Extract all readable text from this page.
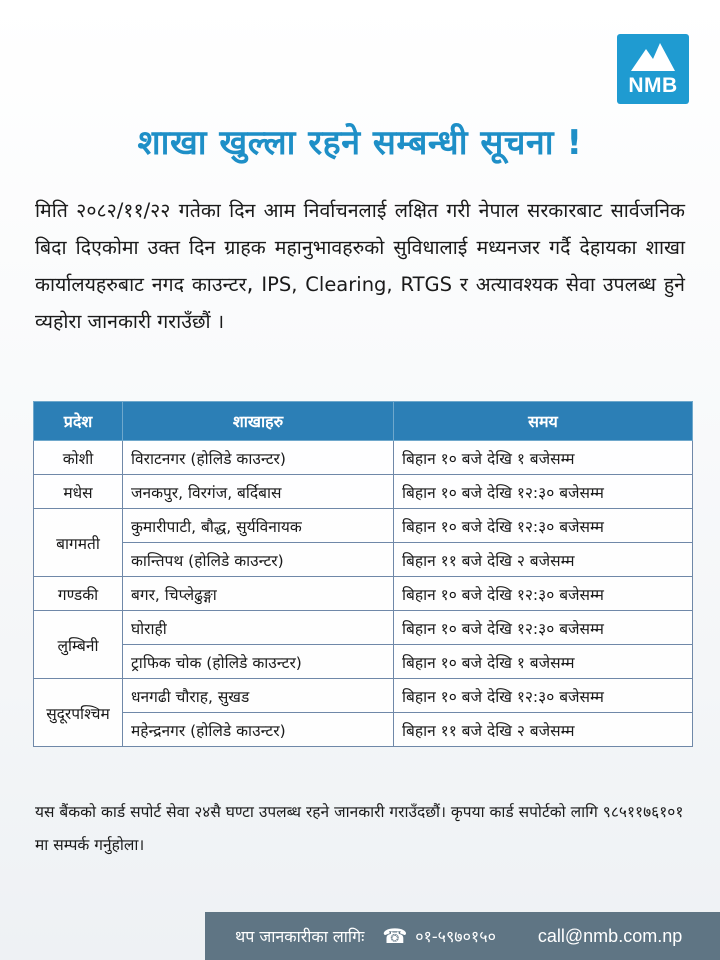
NMB
शाखा खुल्ला रहने सम्बन्धी सूचना !
मिति २०८२/११/२२ गतेका दिन आम निर्वाचनलाई लक्षित गरी नेपाल सरकारबाट सार्वजनिक बिदा दिएकोमा उक्त दिन ग्राहक महानुभावहरुको सुविधालाई मध्यनजर गर्दै देहायका शाखा कार्यालयहरुबाट नगद काउन्टर, IPS, Clearing, RTGS र अत्यावश्यक सेवा उपलब्ध हुने व्यहोरा जानकारी गराउँछौं ।
प्रदेश	शाखाहरु	समय
कोशी	विराटनगर (होलिडे काउन्टर)	बिहान १० बजे देखि १ बजेसम्म
मधेस	जनकपुर, विरगंज, बर्दिबास	बिहान १० बजे देखि १२:३० बजेसम्म
बागमती	कुमारीपाटी, बौद्ध, सुर्यविनायक	बिहान १० बजे देखि १२:३० बजेसम्म
	कान्तिपथ (होलिडे काउन्टर)	बिहान ११ बजे देखि २ बजेसम्म
गण्डकी	बगर, चिप्लेढुङ्गा	बिहान १० बजे देखि १२:३० बजेसम्म
लुम्बिनी	घोराही	बिहान १० बजे देखि १२:३० बजेसम्म
	ट्राफिक चोक (होलिडे काउन्टर)	बिहान १० बजे देखि १ बजेसम्म
सुदूरपश्चिम	धनगढी चौराह, सुखड	बिहान १० बजे देखि १२:३० बजेसम्म
	महेन्द्रनगर (होलिडे काउन्टर)	बिहान ११ बजे देखि २ बजेसम्म
यस बैंकको कार्ड सपोर्ट सेवा २४सै घण्टा उपलब्ध रहने जानकारी गराउँदछौं। कृपया कार्ड सपोर्टको लागि ९८५११७६१०१ मा सम्पर्क गर्नुहोला।
थप जानकारीका लागिः ☎ ०१-५९७०१५० call@nmb.com.np
